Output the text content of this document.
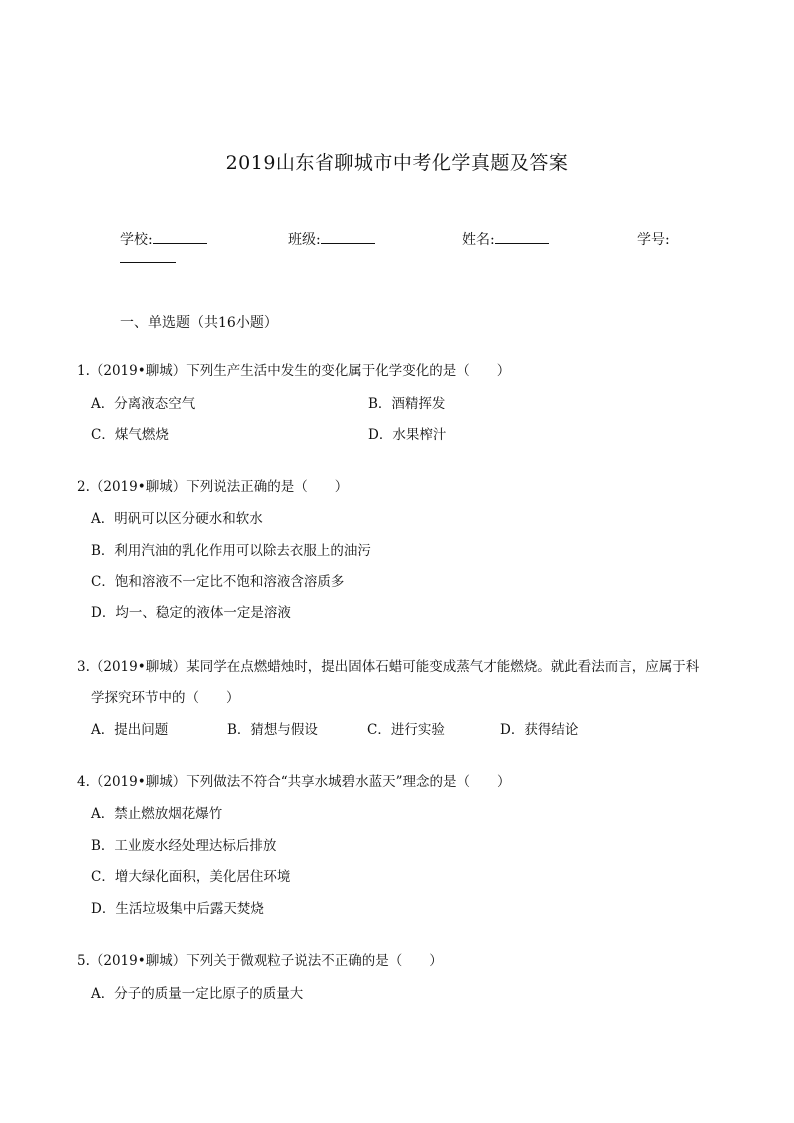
2019山东省聊城市中考化学真题及答案
学校:	班级:	姓名:	学号:
一、单选题（共16小题）
1.（2019•聊城）下列生产生活中发生的变化属于化学变化的是（　　）
A．分离液态空气	B．酒精挥发
C．煤气燃烧	D．水果榨汁
2.（2019•聊城）下列说法正确的是（　　）
A．明矾可以区分硬水和软水
B．利用汽油的乳化作用可以除去衣服上的油污
C．饱和溶液不一定比不饱和溶液含溶质多
D．均一、稳定的液体一定是溶液
3.（2019•聊城）某同学在点燃蜡烛时，提出固体石蜡可能变成蒸气才能燃烧。就此看法而言，应属于科
学探究环节中的（　　）
A．提出问题	B．猜想与假设	C．进行实验	D．获得结论
4.（2019•聊城）下列做法不符合“共享水城碧水蓝天”理念的是（　　）
A．禁止燃放烟花爆竹
B．工业废水经处理达标后排放
C．增大绿化面积，美化居住环境
D．生活垃圾集中后露天焚烧
5.（2019•聊城）下列关于微观粒子说法不正确的是（　　）
A．分子的质量一定比原子的质量大
